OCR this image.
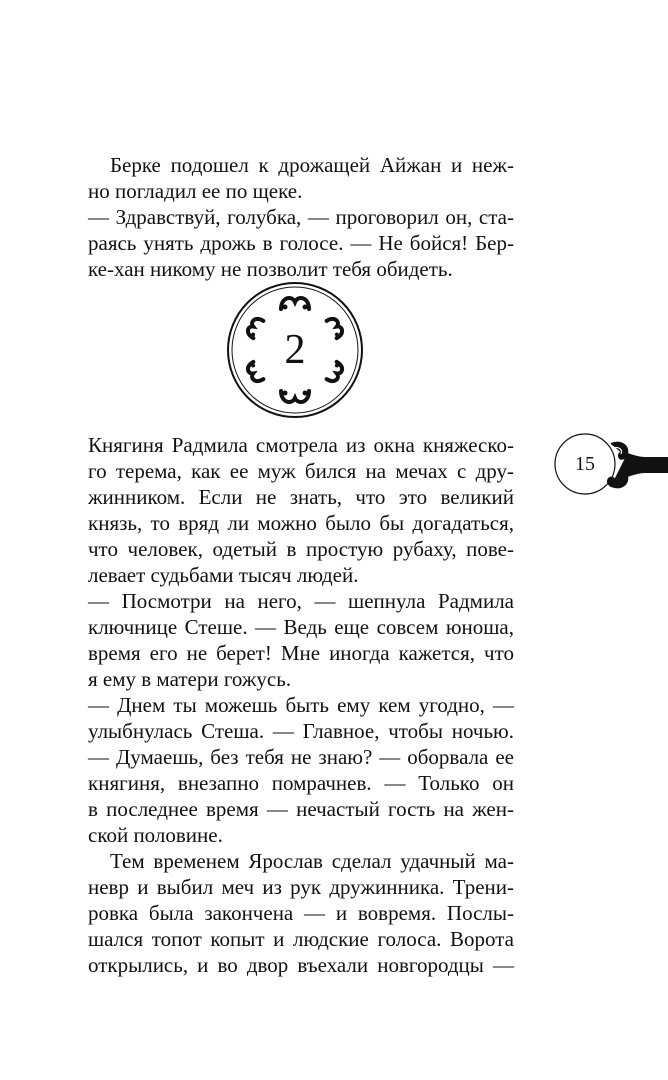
Берке подошел к дрожащей Айжан и неж-
но погладил ее по щеке.
— Здравствуй, голубка, — проговорил он, ста-
раясь унять дрожь в голосе. — Не бойся! Бер-
ке-хан никому не позволит тебя обидеть.
2
Княгиня Радмила смотрела из окна княжеско-
го терема, как ее муж бился на мечах с дру-
жинником. Если не знать, что это великий
князь, то вряд ли можно было бы догадаться,
что человек, одетый в простую рубаху, пове-
левает судьбами тысяч людей.
— Посмотри на него, — шепнула Радмила
ключнице Стеше. — Ведь еще совсем юноша,
время его не берет! Мне иногда кажется, что
я ему в матери гожусь.
— Днем ты можешь быть ему кем угодно, —
улыбнулась Стеша. — Главное, чтобы ночью.
— Думаешь, без тебя не знаю? — оборвала ее
княгиня, внезапно помрачнев. — Только он
в последнее время — нечастый гость на жен-
ской половине.
Тем временем Ярослав сделал удачный ма-
невр и выбил меч из рук дружинника. Трени-
ровка была закончена — и вовремя. Послы-
шался топот копыт и людские голоса. Ворота
открылись, и во двор въехали новгородцы —
15
